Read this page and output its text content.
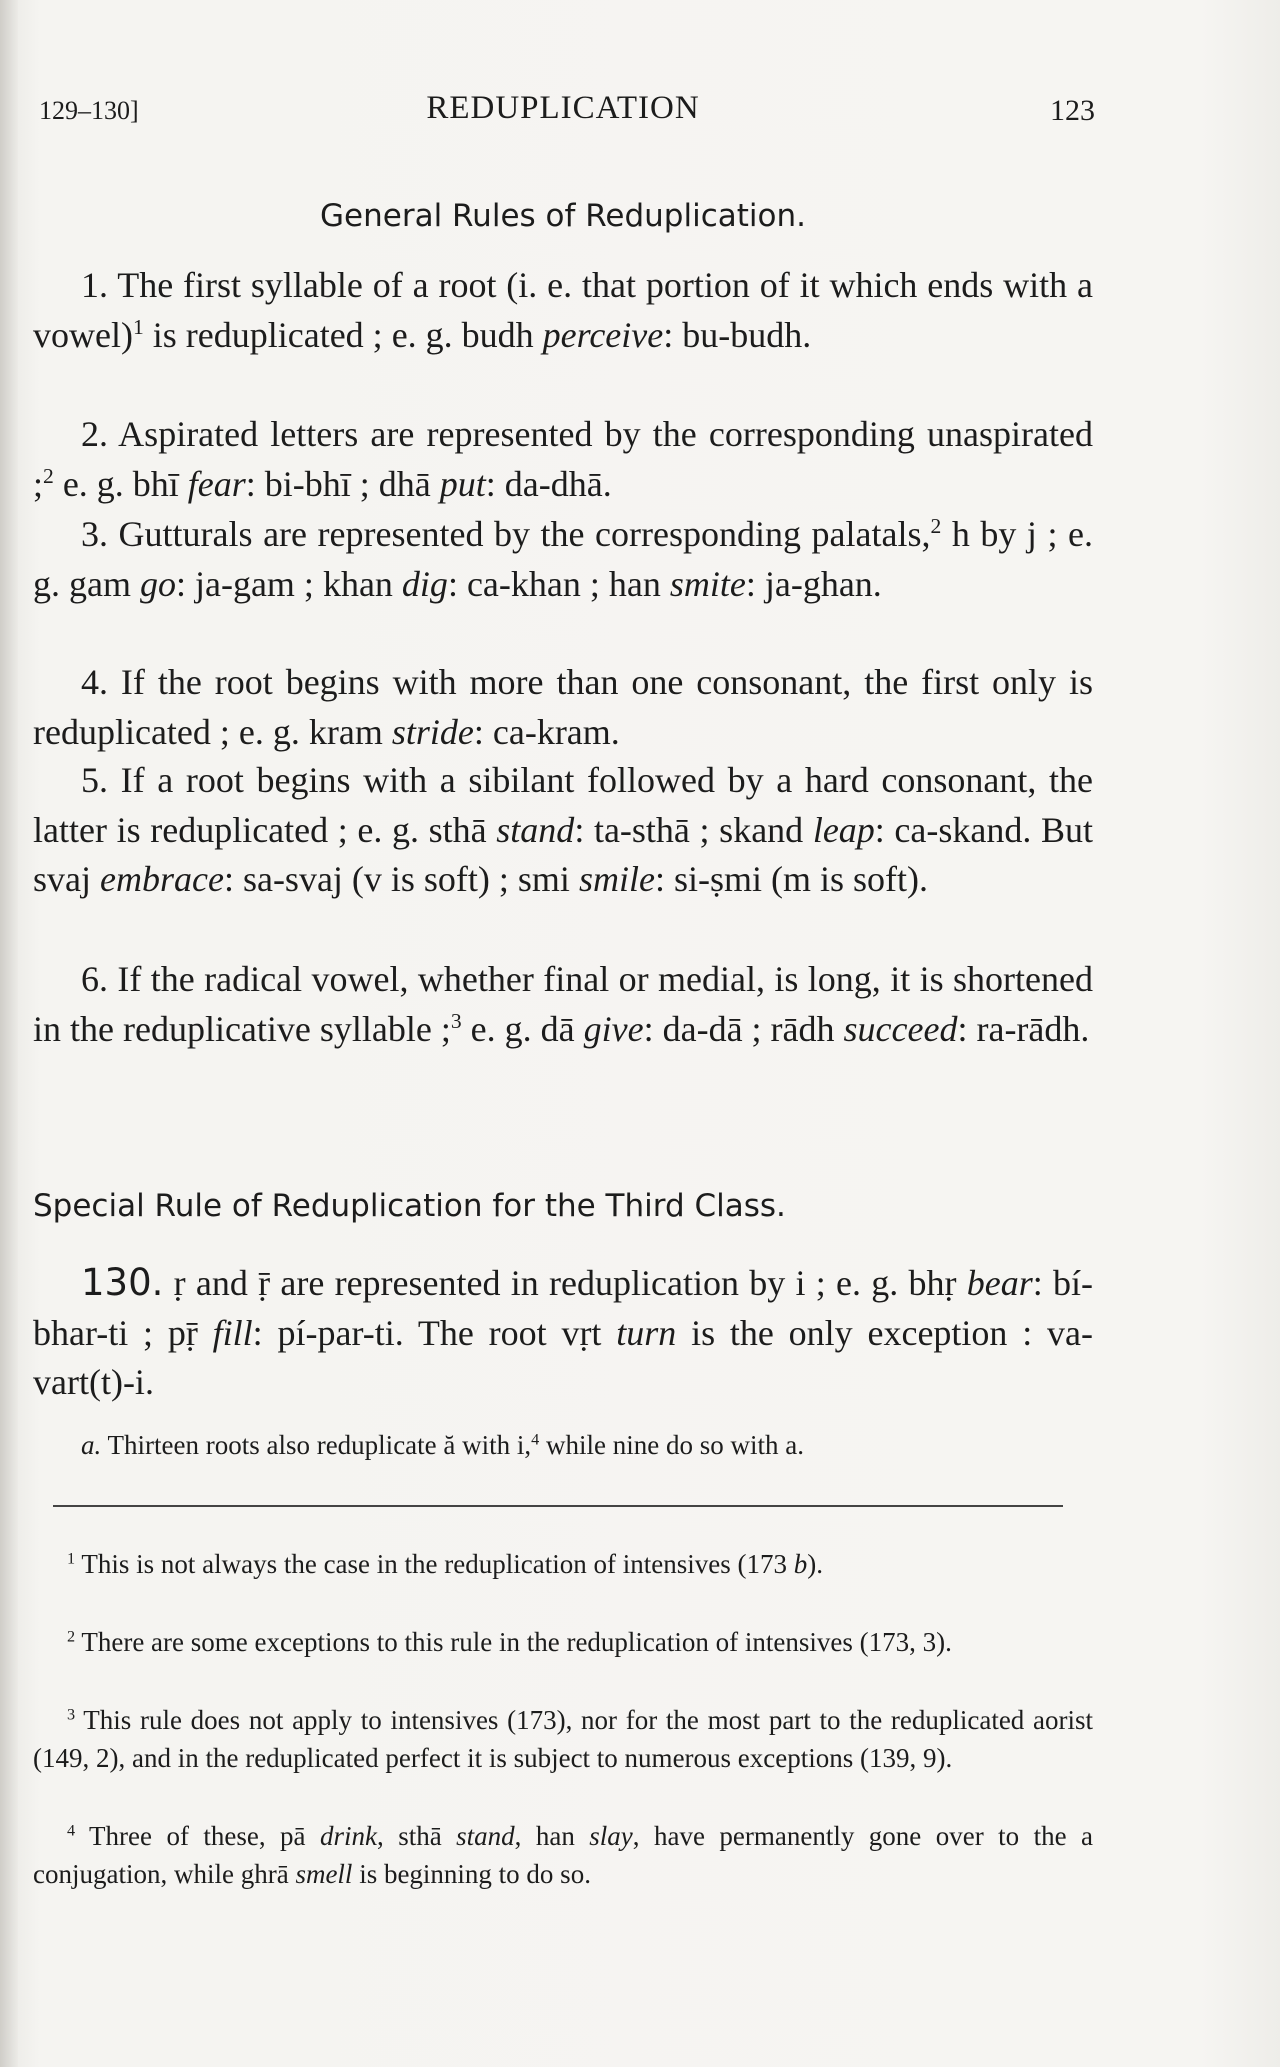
129–130]	REDUPLICATION	123
General Rules of Reduplication.
1. The first syllable of a root (i. e. that portion of it which ends with a vowel)$^1$ is reduplicated ; e. g. budh perceive: bu-budh.
2. Aspirated letters are represented by the corresponding unaspirated ;$^2$ e. g. bhī fear: bi-bhī ; dhā put: da-dhā.
3. Gutturals are represented by the corresponding palatals,$^2$ h by j ; e. g. gam go: ja-gam ; khan dig: ca-khan ; han smite: ja-ghan.
4. If the root begins with more than one consonant, the first only is reduplicated ; e. g. kram stride: ca-kram.
5. If a root begins with a sibilant followed by a hard consonant, the latter is reduplicated ; e. g. sthā stand: ta-sthā ; skand leap: ca-skand. But svaj embrace: sa-svaj (v is soft) ; smi smile: si-ṣmi (m is soft).
6. If the radical vowel, whether final or medial, is long, it is shortened in the reduplicative syllable ;$^3$ e. g. dā give: da-dā ; rādh succeed: ra-rādh.
Special Rule of Reduplication for the Third Class.
130. ṛ and ṝ are represented in reduplication by i ; e. g. bhṛ bear: bí-bhar-ti ; pṝ fill: pí-par-ti. The root vṛt turn is the only exception : va-vart(t)-i.
a. Thirteen roots also reduplicate ă with i,$^4$ while nine do so with a.
$^1$ This is not always the case in the reduplication of intensives (173 b).
$^2$ There are some exceptions to this rule in the reduplication of intensives (173, 3).
$^3$ This rule does not apply to intensives (173), nor for the most part to the reduplicated aorist (149, 2), and in the reduplicated perfect it is subject to numerous exceptions (139, 9).
$^4$ Three of these, pā drink, sthā stand, han slay, have permanently gone over to the a conjugation, while ghrā smell is beginning to do so.
